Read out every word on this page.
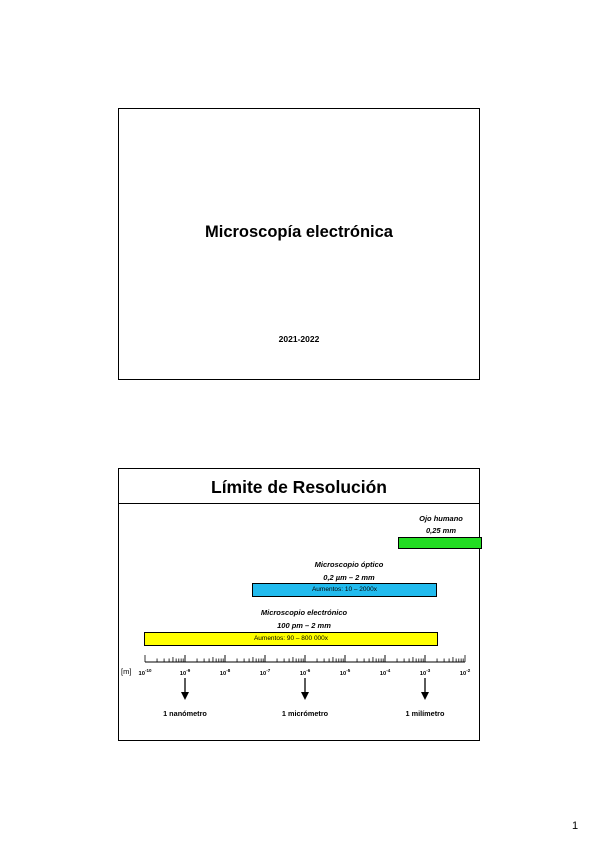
Microscopía electrónica
2021-2022
Límite de Resolución
Ojo humano
0,25 mm
Microscopio óptico
0,2 µm – 2 mm
Aumentos: 10 – 2000x
Microscopio electrónico
100 pm – 2 mm
Aumentos: 90 – 800 000x
[m] $10^{-10}$
$10^{-9}$
$10^{-8}$
$10^{-7}$
$10^{-6}$
$10^{-5}$
$10^{-4}$
$10^{-3}$
$10^{-2}$
1 nanómetro	1 micrómetro	1 milímetro
1
